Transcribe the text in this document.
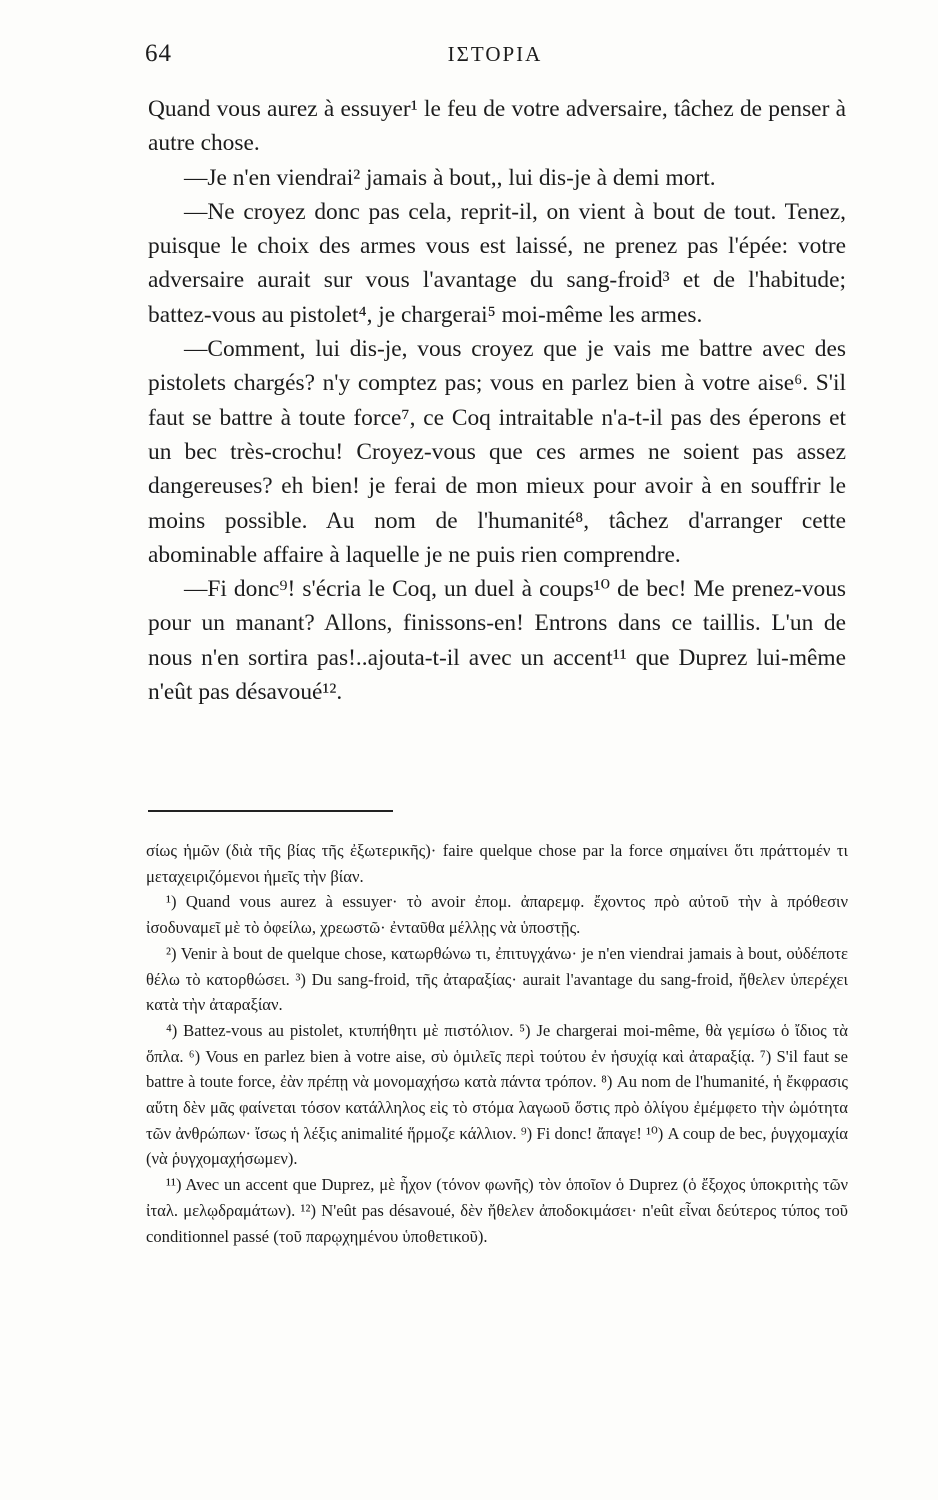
64	ΙΣΤΟΡΙΑ

Quand vous aurez à essuyer¹ le feu de votre adversaire, tâchez de penser à autre chose.

—Je n'en viendrai² jamais à bout,, lui dis-je à demi mort.

—Ne croyez donc pas cela, reprit-il, on vient à bout de tout. Tenez, puisque le choix des armes vous est laissé, ne prenez pas l'épée: votre adversaire aurait sur vous l'avantage du sang-froid³ et de l'habitude; battez-vous au pistolet⁴, je chargerai⁵ moi-même les armes.

—Comment, lui dis-je, vous croyez que je vais me battre avec des pistolets chargés? n'y comptez pas; vous en parlez bien à votre aise⁶. S'il faut se battre à toute force⁷, ce Coq intraitable n'a-t-il pas des éperons et un bec très-crochu! Croyez-vous que ces armes ne soient pas assez dangereuses? eh bien! je ferai de mon mieux pour avoir à en souffrir le moins possible. Au nom de l'humanité⁸, tâchez d'arranger cette abominable affaire à laquelle je ne puis rien comprendre.

—Fi donc⁹! s'écria le Coq, un duel à coups¹⁰ de bec! Me prenez-vous pour un manant? Allons, finissons-en! Entrons dans ce taillis. L'un de nous n'en sortira pas!..ajouta-t-il avec un accent¹¹ que Duprez lui-même n'eût pas désavoué¹².

σίως ἡμῶν (διὰ τῆς βίας τῆς ἐξωτερικῆς)· faire quelque chose par la force σημαίνει ὅτι πράττομέν τι μεταχειριζόμενοι ἡμεῖς τὴν βίαν.

¹) Quand vous aurez à essuyer· τὸ avoir ἐπομ. ἀπαρεμφ. ἔχοντος πρὸ αὐτοῦ τὴν à πρόθεσιν ἰσοδυναμεῖ μὲ τὸ ὀφείλω, χρεωστῶ· ἐνταῦθα μέλλῃς νὰ ὑποστῇς.

²) Venir à bout de quelque chose, κατωρθώνω τι, ἐπιτυγχάνω· je n'en viendrai jamais à bout, οὐδέποτε θέλω τὸ κατορθώσει. ³) Du sang-froid, τῆς ἀταραξίας· aurait l'avantage du sang-froid, ἤθελεν ὑπερέχει κατὰ τὴν ἀταραξίαν.

⁴) Battez-vous au pistolet, κτυπήθητι μὲ πιστόλιον. ⁵) Je chargerai moi-même, θὰ γεμίσω ὁ ἴδιος τὰ ὅπλα. ⁶) Vous en parlez bien à votre aise, σὺ ὁμιλεῖς περὶ τούτου ἐν ἡσυχίᾳ καὶ ἀταραξίᾳ. ⁷) S'il faut se battre à toute force, ἐὰν πρέπῃ νὰ μονομαχήσω κατὰ πάντα τρόπον. ⁸) Au nom de l'humanité, ἡ ἔκφρασις αὕτη δὲν μᾶς φαίνεται τόσον κατάλληλος εἰς τὸ στόμα λαγωοῦ ὅστις πρὸ ὀλίγου ἐμέμφετο τὴν ὠμότητα τῶν ἀνθρώπων· ἴσως ἡ λέξις animalité ἥρμοζε κάλλιον. ⁹) Fi donc! ἄπαγε! ¹⁰) A coup de bec, ῥυγχομαχία (νὰ ῥυγχομαχήσωμεν).

¹¹) Avec un accent que Duprez, μὲ ἦχον (τόνον φωνῆς) τὸν ὁποῖον ὁ Duprez (ὁ ἔξοχος ὑποκριτὴς τῶν ἰταλ. μελῳδραμάτων). ¹²) N'eût pas désavoué, δὲν ἤθελεν ἀποδοκιμάσει· n'eût εἶναι δεύτερος τύπος τοῦ conditionnel passé (τοῦ παρῳχημένου ὑποθετικοῦ).
